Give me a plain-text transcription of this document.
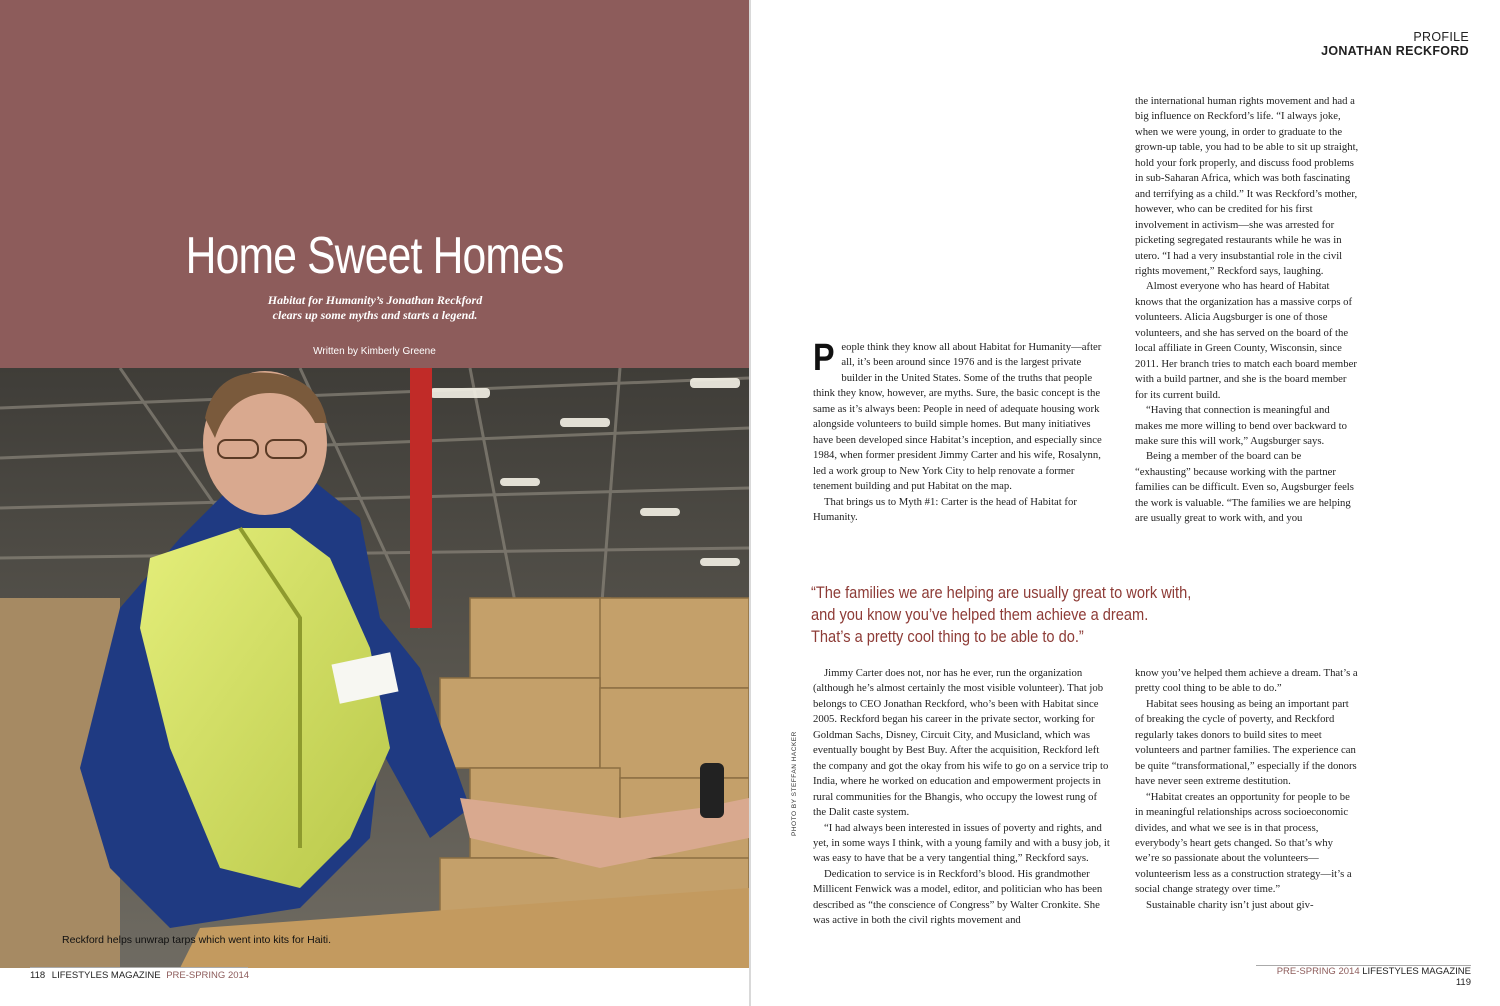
Home Sweet Homes
Habitat for Humanity’s Jonathan Reckford
clears up some myths and starts a legend.
Written by Kimberly Greene
Reckford helps unwrap tarps which went into kits for Haiti.
118 LIFESTYLES MAGAZINE PRE-SPRING 2014
PROFILE
JONATHAN RECKFORD

the international human rights movement and had a big influence on Reckford’s life. “I always joke, when we were young, in order to graduate to the grown-up table, you had to be able to sit up straight, hold your fork properly, and discuss food problems in sub-Saharan Africa, which was both fascinating and terrifying as a child.” It was Reckford’s mother, however, who can be credited for his first involvement in activism—she was arrested for picketing segregated restaurants while he was in utero. “I had a very insubstantial role in the civil rights movement,” Reckford says, laughing.

Almost everyone who has heard of Habitat knows that the organization has a massive corps of volunteers. Alicia Augsburger is one of those volunteers, and she has served on the board of the local affiliate in Green County, Wisconsin, since 2011. Her branch tries to match each board member with a build partner, and she is the board member for its current build.

“Having that connection is meaningful and makes me more willing to bend over backward to make sure this will work,” Augsburger says.

Being a member of the board can be “exhausting” because working with the partner families can be difficult. Even so, Augsburger feels the work is valuable. “The families we are helping are usually great to work with, and you

People think they know all about Habitat for Humanity—after all, it’s been around since 1976 and is the largest private builder in the United States. Some of the truths that people think they know, however, are myths. Sure, the basic concept is the same as it’s always been: People in need of adequate housing work alongside volunteers to build simple homes. But many initiatives have been developed since Habitat’s inception, and especially since 1984, when former president Jimmy Carter and his wife, Rosalynn, led a work group to New York City to help renovate a former tenement building and put Habitat on the map.

That brings us to Myth #1: Carter is the head of Habitat for Humanity.

“The families we are helping are usually great to work with,
and you know you’ve helped them achieve a dream.
That’s a pretty cool thing to be able to do.”
PHOTO BY STEFFAN HACKER

Jimmy Carter does not, nor has he ever, run the organization (although he’s almost certainly the most visible volunteer). That job belongs to CEO Jonathan Reckford, who’s been with Habitat since 2005. Reckford began his career in the private sector, working for Goldman Sachs, Disney, Circuit City, and Musicland, which was eventually bought by Best Buy. After the acquisition, Reckford left the company and got the okay from his wife to go on a service trip to India, where he worked on education and empowerment projects in rural communities for the Bhangis, who occupy the lowest rung of the Dalit caste system.

“I had always been interested in issues of poverty and rights, and yet, in some ways I think, with a young family and with a busy job, it was easy to have that be a very tangential thing,” Reckford says.

Dedication to service is in Reckford’s blood. His grandmother Millicent Fenwick was a model, editor, and politician who has been described as “the conscience of Congress” by Walter Cronkite. She was active in both the civil rights movement and

know you’ve helped them achieve a dream. That’s a pretty cool thing to be able to do.”

Habitat sees housing as being an important part of breaking the cycle of poverty, and Reckford regularly takes donors to build sites to meet volunteers and partner families. The experience can be quite “transformational,” especially if the donors have never seen extreme destitution.

“Habitat creates an opportunity for people to be in meaningful relationships across socioeconomic divides, and what we see is in that process, everybody’s heart gets changed. So that’s why we’re so passionate about the volunteers—volunteerism less as a construction strategy—it’s a social change strategy over time.”

Sustainable charity isn’t just about giv-

PRE-SPRING 2014 LIFESTYLES MAGAZINE 119
